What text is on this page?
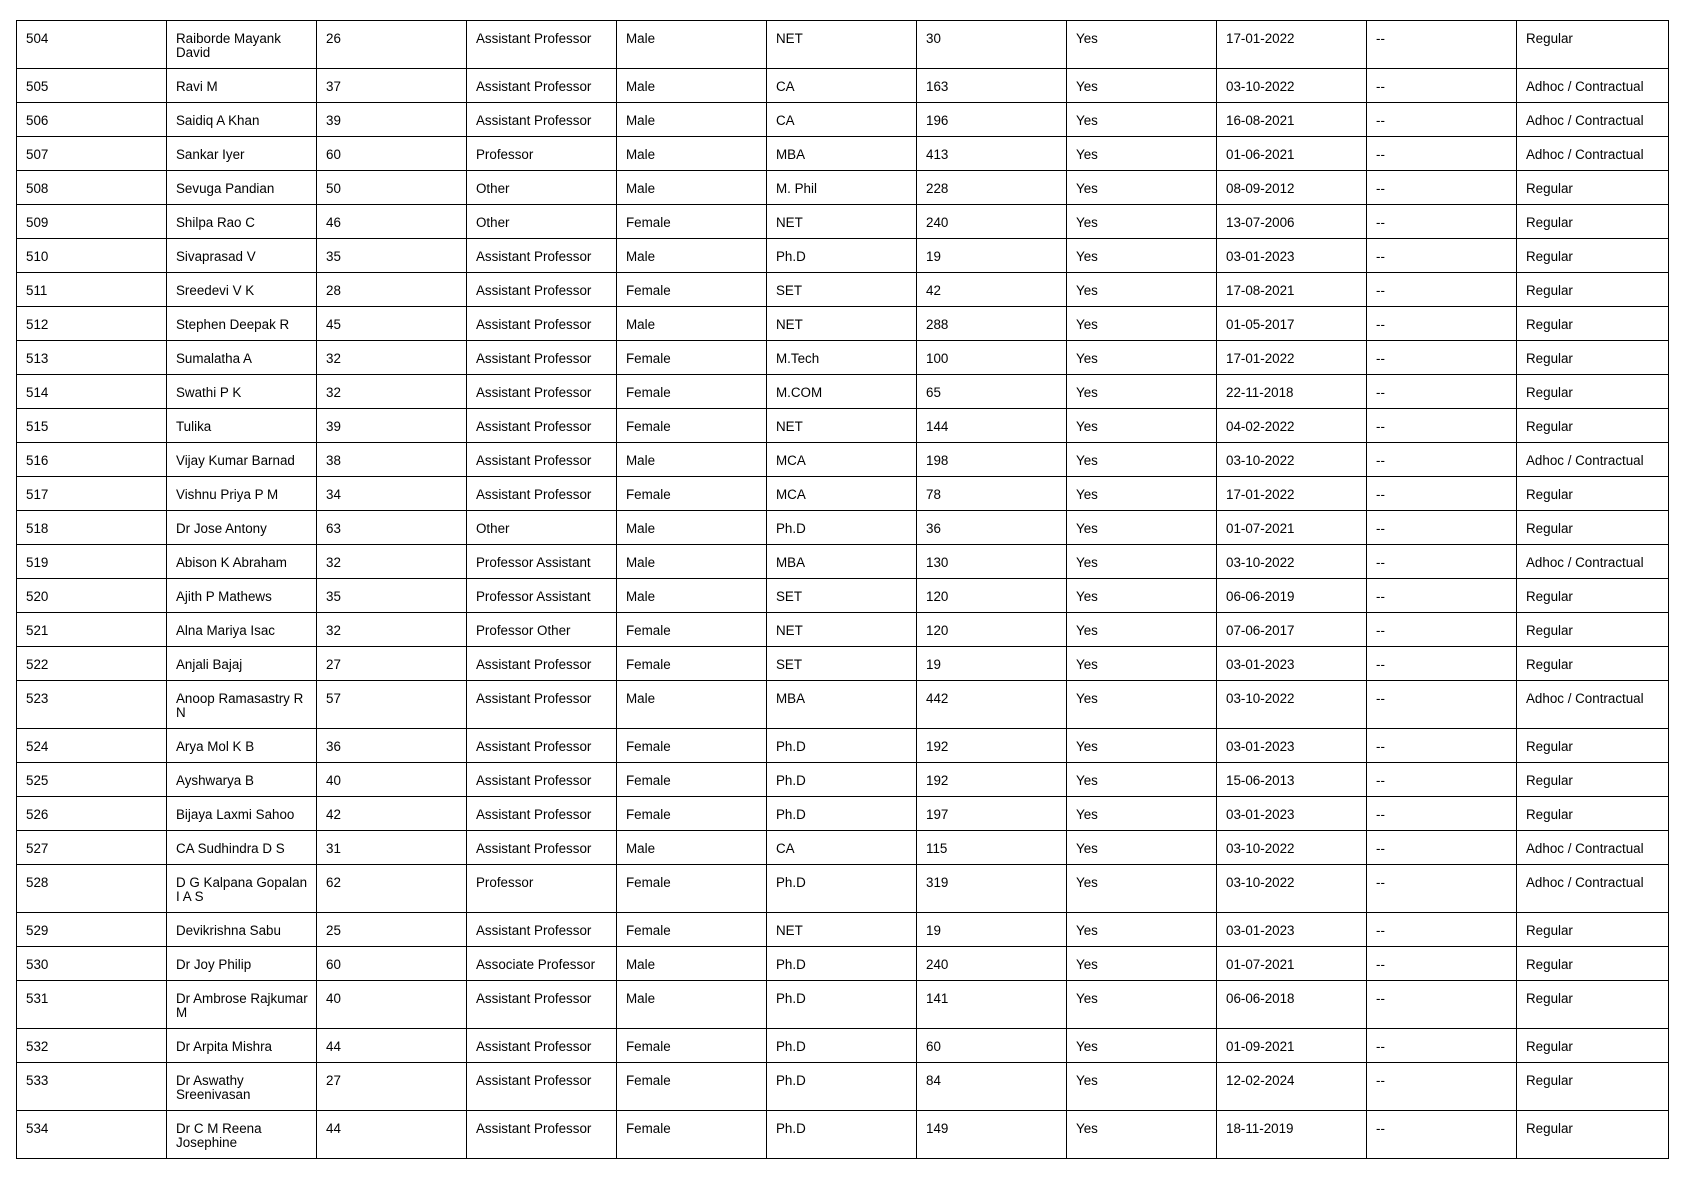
504	Raiborde Mayank David	26	Assistant Professor	Male	NET	30	Yes	17-01-2022	--	Regular
505	Ravi M	37	Assistant Professor	Male	CA	163	Yes	03-10-2022	--	Adhoc / Contractual
506	Saidiq A Khan	39	Assistant Professor	Male	CA	196	Yes	16-08-2021	--	Adhoc / Contractual
507	Sankar Iyer	60	Professor	Male	MBA	413	Yes	01-06-2021	--	Adhoc / Contractual
508	Sevuga Pandian	50	Other	Male	M. Phil	228	Yes	08-09-2012	--	Regular
509	Shilpa Rao C	46	Other	Female	NET	240	Yes	13-07-2006	--	Regular
510	Sivaprasad V	35	Assistant Professor	Male	Ph.D	19	Yes	03-01-2023	--	Regular
511	Sreedevi V K	28	Assistant Professor	Female	SET	42	Yes	17-08-2021	--	Regular
512	Stephen Deepak R	45	Assistant Professor	Male	NET	288	Yes	01-05-2017	--	Regular
513	Sumalatha A	32	Assistant Professor	Female	M.Tech	100	Yes	17-01-2022	--	Regular
514	Swathi P K	32	Assistant Professor	Female	M.COM	65	Yes	22-11-2018	--	Regular
515	Tulika	39	Assistant Professor	Female	NET	144	Yes	04-02-2022	--	Regular
516	Vijay Kumar Barnad	38	Assistant Professor	Male	MCA	198	Yes	03-10-2022	--	Adhoc / Contractual
517	Vishnu Priya P M	34	Assistant Professor	Female	MCA	78	Yes	17-01-2022	--	Regular
518	Dr Jose Antony	63	Other	Male	Ph.D	36	Yes	01-07-2021	--	Regular
519	Abison K Abraham	32	Professor Assistant	Male	MBA	130	Yes	03-10-2022	--	Adhoc / Contractual
520	Ajith P Mathews	35	Professor Assistant	Male	SET	120	Yes	06-06-2019	--	Regular
521	Alna Mariya Isac	32	Professor Other	Female	NET	120	Yes	07-06-2017	--	Regular
522	Anjali Bajaj	27	Assistant Professor	Female	SET	19	Yes	03-01-2023	--	Regular
523	Anoop Ramasastry R N	57	Assistant Professor	Male	MBA	442	Yes	03-10-2022	--	Adhoc / Contractual
524	Arya Mol K B	36	Assistant Professor	Female	Ph.D	192	Yes	03-01-2023	--	Regular
525	Ayshwarya B	40	Assistant Professor	Female	Ph.D	192	Yes	15-06-2013	--	Regular
526	Bijaya Laxmi Sahoo	42	Assistant Professor	Female	Ph.D	197	Yes	03-01-2023	--	Regular
527	CA Sudhindra D S	31	Assistant Professor	Male	CA	115	Yes	03-10-2022	--	Adhoc / Contractual
528	D G Kalpana Gopalan I A S	62	Professor	Female	Ph.D	319	Yes	03-10-2022	--	Adhoc / Contractual
529	Devikrishna Sabu	25	Assistant Professor	Female	NET	19	Yes	03-01-2023	--	Regular
530	Dr Joy Philip	60	Associate Professor	Male	Ph.D	240	Yes	01-07-2021	--	Regular
531	Dr Ambrose Rajkumar M	40	Assistant Professor	Male	Ph.D	141	Yes	06-06-2018	--	Regular
532	Dr Arpita Mishra	44	Assistant Professor	Female	Ph.D	60	Yes	01-09-2021	--	Regular
533	Dr Aswathy Sreenivasan	27	Assistant Professor	Female	Ph.D	84	Yes	12-02-2024	--	Regular
534	Dr C M Reena Josephine	44	Assistant Professor	Female	Ph.D	149	Yes	18-11-2019	--	Regular
